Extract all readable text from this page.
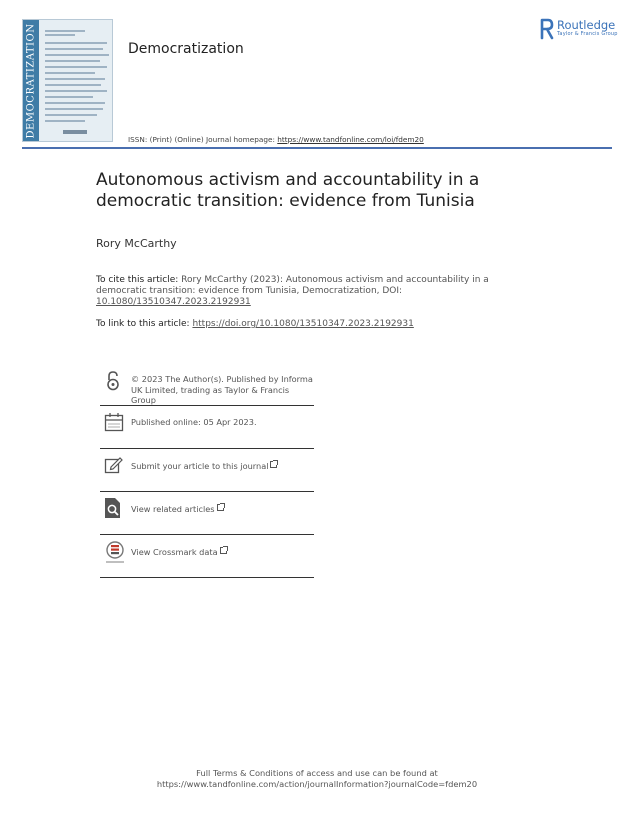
DEMOCRATIZATION	Democratization
Routledge
Taylor & Francis Group
ISSN: (Print) (Online) Journal homepage: https://www.tandfonline.com/loi/fdem20
Autonomous activism and accountability in a democratic transition: evidence from Tunisia
Rory McCarthy
To cite this article: Rory McCarthy (2023): Autonomous activism and accountability in a democratic transition: evidence from Tunisia, Democratization, DOI: 10.1080/13510347.2023.2192931
To link to this article: https://doi.org/10.1080/13510347.2023.2192931
© 2023 The Author(s). Published by Informa UK Limited, trading as Taylor & Francis Group
Published online: 05 Apr 2023.
Submit your article to this journal
View related articles
View Crossmark data
Full Terms & Conditions of access and use can be found at
https://www.tandfonline.com/action/journalInformation?journalCode=fdem20
